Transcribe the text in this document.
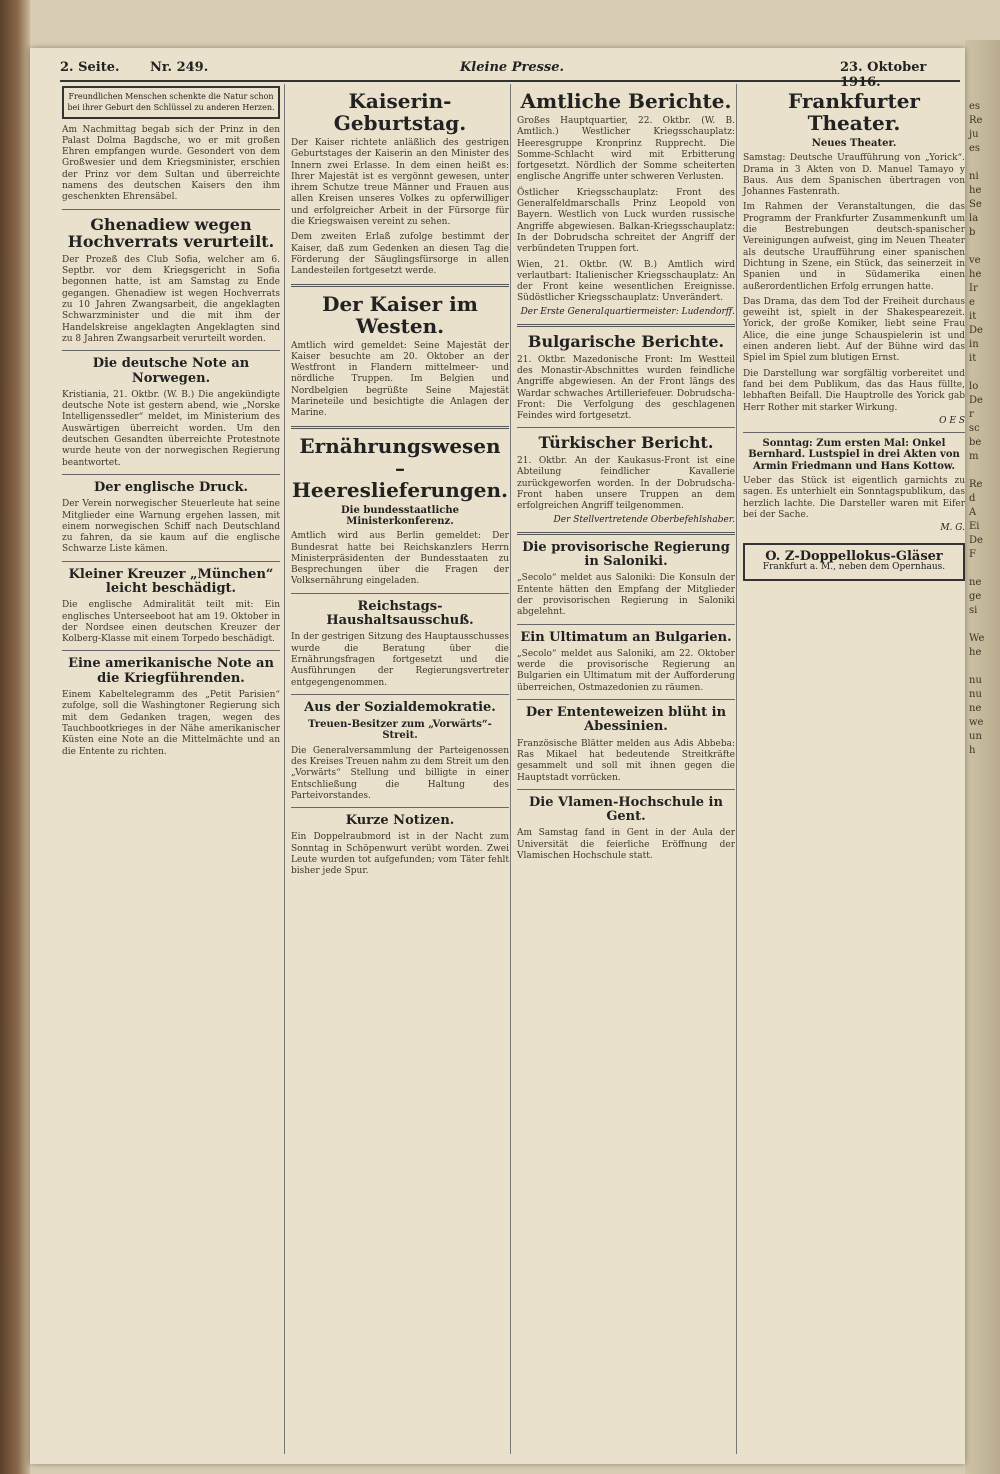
es
Re
ju
es

ni
he
Se
la
b

ve
he
Ir
e
it
De
in
it

lo
De
r
sc
be
m

Re
d
A
Ei
De
F

ne
ge
si

We
he

nu
nu
ne
we
un
h
2. Seite. Nr. 249.	Kleine Presse.	23. Oktober 1916.
Freundlichen Menschen schenkte die Natur schon bei ihrer Geburt den Schlüssel zu anderen Herzen.
Am Nachmittag begab sich der Prinz in den Palast Dolma Bagdsche, wo er mit großen Ehren empfangen wurde. Gesondert von dem Großwesier und dem Kriegsminister, erschien der Prinz vor dem Sultan und überreichte namens des deutschen Kaisers den ihm geschenkten Ehrensäbel.
Ghenadiew wegen Hochverrats verurteilt.
Der Prozeß des Club Sofia, welcher am 6. Septbr. vor dem Kriegsgericht in Sofia begonnen hatte, ist am Samstag zu Ende gegangen. Ghenadiew ist wegen Hochverrats zu 10 Jahren Zwangsarbeit, die angeklagten Schwarzminister und die mit ihm der Handelskreise angeklagten Angeklagten sind zu 8 Jahren Zwangsarbeit verurteilt worden.
Die deutsche Note an Norwegen.
Kristiania, 21. Oktbr. (W. B.) Die angekündigte deutsche Note ist gestern abend, wie „Norske Intelligenssedler“ meldet, im Ministerium des Auswärtigen überreicht worden. Um den deutschen Gesandten überreichte Protestnote wurde heute von der norwegischen Regierung beantwortet.
Der englische Druck.
Der Verein norwegischer Steuerleute hat seine Mitglieder eine Warnung ergehen lassen, mit einem norwegischen Schiff nach Deutschland zu fahren, da sie kaum auf die englische Schwarze Liste kämen.
Kleiner Kreuzer „München“ leicht beschädigt.
Die englische Admiralität teilt mit: Ein englisches Unterseeboot hat am 19. Oktober in der Nordsee einen deutschen Kreuzer der Kolberg-Klasse mit einem Torpedo beschädigt.
Eine amerikanische Note an die Kriegführenden.
Einem Kabeltelegramm des „Petit Parisien“ zufolge, soll die Washingtoner Regierung sich mit dem Gedanken tragen, wegen des Tauchbootkrieges in der Nähe amerikanischer Küsten eine Note an die Mittelmächte und an die Entente zu richten.
Kaiserin-Geburtstag.
Der Kaiser richtete anläßlich des gestrigen Geburtstages der Kaiserin an den Minister des Innern zwei Erlasse. In dem einen heißt es: Ihrer Majestät ist es vergönnt gewesen, unter ihrem Schutze treue Männer und Frauen aus allen Kreisen unseres Volkes zu opferwilliger und erfolgreicher Arbeit in der Fürsorge für die Kriegswaisen vereint zu sehen.
Dem zweiten Erlaß zufolge bestimmt der Kaiser, daß zum Gedenken an diesen Tag die Förderung der Säuglingsfürsorge in allen Landesteilen fortgesetzt werde.
Der Kaiser im Westen.
Amtlich wird gemeldet: Seine Majestät der Kaiser besuchte am 20. Oktober an der Westfront in Flandern mittelmeer- und nördliche Truppen. Im Belgien und Nordbelgien begrüßte Seine Majestät Marineteile und besichtigte die Anlagen der Marine.
Ernährungswesen – Heereslieferungen.
Die bundesstaatliche Ministerkonferenz.
Amtlich wird aus Berlin gemeldet: Der Bundesrat hatte bei Reichskanzlers Herrn Ministerpräsidenten der Bundesstaaten zu Besprechungen über die Fragen der Volksernährung eingeladen.
Reichstags-Haushaltsausschuß.
In der gestrigen Sitzung des Hauptausschusses wurde die Beratung über die Ernährungsfragen fortgesetzt und die Ausführungen der Regierungsvertreter entgegengenommen.
Aus der Sozialdemokratie.
Treuen-Besitzer zum „Vorwärts“-Streit.
Die Generalversammlung der Parteigenossen des Kreises Treuen nahm zu dem Streit um den „Vorwärts“ Stellung und billigte in einer Entschließung die Haltung des Parteivorstandes.
Kurze Notizen.
Ein Doppelraubmord ist in der Nacht zum Sonntag in Schöpenwurt verübt worden. Zwei Leute wurden tot aufgefunden; vom Täter fehlt bisher jede Spur.
Amtliche Berichte.
Großes Hauptquartier, 22. Oktbr. (W. B. Amtlich.) Westlicher Kriegsschauplatz: Heeresgruppe Kronprinz Rupprecht. Die Somme-Schlacht wird mit Erbitterung fortgesetzt. Nördlich der Somme scheiterten englische Angriffe unter schweren Verlusten.
Östlicher Kriegsschauplatz: Front des Generalfeldmarschalls Prinz Leopold von Bayern. Westlich von Luck wurden russische Angriffe abgewiesen. Balkan-Kriegsschauplatz: In der Dobrudscha schreitet der Angriff der verbündeten Truppen fort.
Wien, 21. Oktbr. (W. B.) Amtlich wird verlautbart: Italienischer Kriegsschauplatz: An der Front keine wesentlichen Ereignisse. Südöstlicher Kriegsschauplatz: Unverändert.
Der Erste Generalquartiermeister: Ludendorff.
Bulgarische Berichte.
21. Oktbr. Mazedonische Front: Im Westteil des Monastir-Abschnittes wurden feindliche Angriffe abgewiesen. An der Front längs des Wardar schwaches Artilleriefeuer. Dobrudscha-Front: Die Verfolgung des geschlagenen Feindes wird fortgesetzt.
Türkischer Bericht.
21. Oktbr. An der Kaukasus-Front ist eine Abteilung feindlicher Kavallerie zurückgeworfen worden. In der Dobrudscha-Front haben unsere Truppen an dem erfolgreichen Angriff teilgenommen.
Der Stellvertretende Oberbefehlshaber.
Die provisorische Regierung in Saloniki.
„Secolo“ meldet aus Saloniki: Die Konsuln der Entente hätten den Empfang der Mitglieder der provisorischen Regierung in Saloniki abgelehnt.
Ein Ultimatum an Bulgarien.
„Secolo“ meldet aus Saloniki, am 22. Oktober werde die provisorische Regierung an Bulgarien ein Ultimatum mit der Aufforderung überreichen, Ostmazedonien zu räumen.
Der Ententeweizen blüht in Abessinien.
Französische Blätter melden aus Adis Abbeba: Ras Mikael hat bedeutende Streitkräfte gesammelt und soll mit ihnen gegen die Hauptstadt vorrücken.
Die Vlamen-Hochschule in Gent.
Am Samstag fand in Gent in der Aula der Universität die feierliche Eröffnung der Vlamischen Hochschule statt.
Frankfurter Theater.
Neues Theater.
Samstag: Deutsche Uraufführung von „Yorick“. Drama in 3 Akten von D. Manuel Tamayo y Baus. Aus dem Spanischen übertragen von Johannes Fastenrath.
Im Rahmen der Veranstaltungen, die das Programm der Frankfurter Zusammenkunft um die Bestrebungen deutsch-spanischer Vereinigungen aufweist, ging im Neuen Theater als deutsche Uraufführung einer spanischen Dichtung in Szene, ein Stück, das seinerzeit in Spanien und in Südamerika einen außerordentlichen Erfolg errungen hatte.
Das Drama, das dem Tod der Freiheit durchaus geweiht ist, spielt in der Shakespearezeit. Yorick, der große Komiker, liebt seine Frau Alice, die eine junge Schauspielerin ist und einen anderen liebt. Auf der Bühne wird das Spiel im Spiel zum blutigen Ernst.
Die Darstellung war sorgfältig vorbereitet und fand bei dem Publikum, das das Haus füllte, lebhaften Beifall. Die Hauptrolle des Yorick gab Herr Rother mit starker Wirkung.
O E S
Sonntag: Zum ersten Mal: Onkel Bernhard. Lustspiel in drei Akten von Armin Friedmann und Hans Kottow.
Ueber das Stück ist eigentlich garnichts zu sagen. Es unterhielt ein Sonntagspublikum, das herzlich lachte. Die Darsteller waren mit Eifer bei der Sache.
M. G.
O. Z-Doppellokus-Gläser
Frankfurt a. M., neben dem Opernhaus.
